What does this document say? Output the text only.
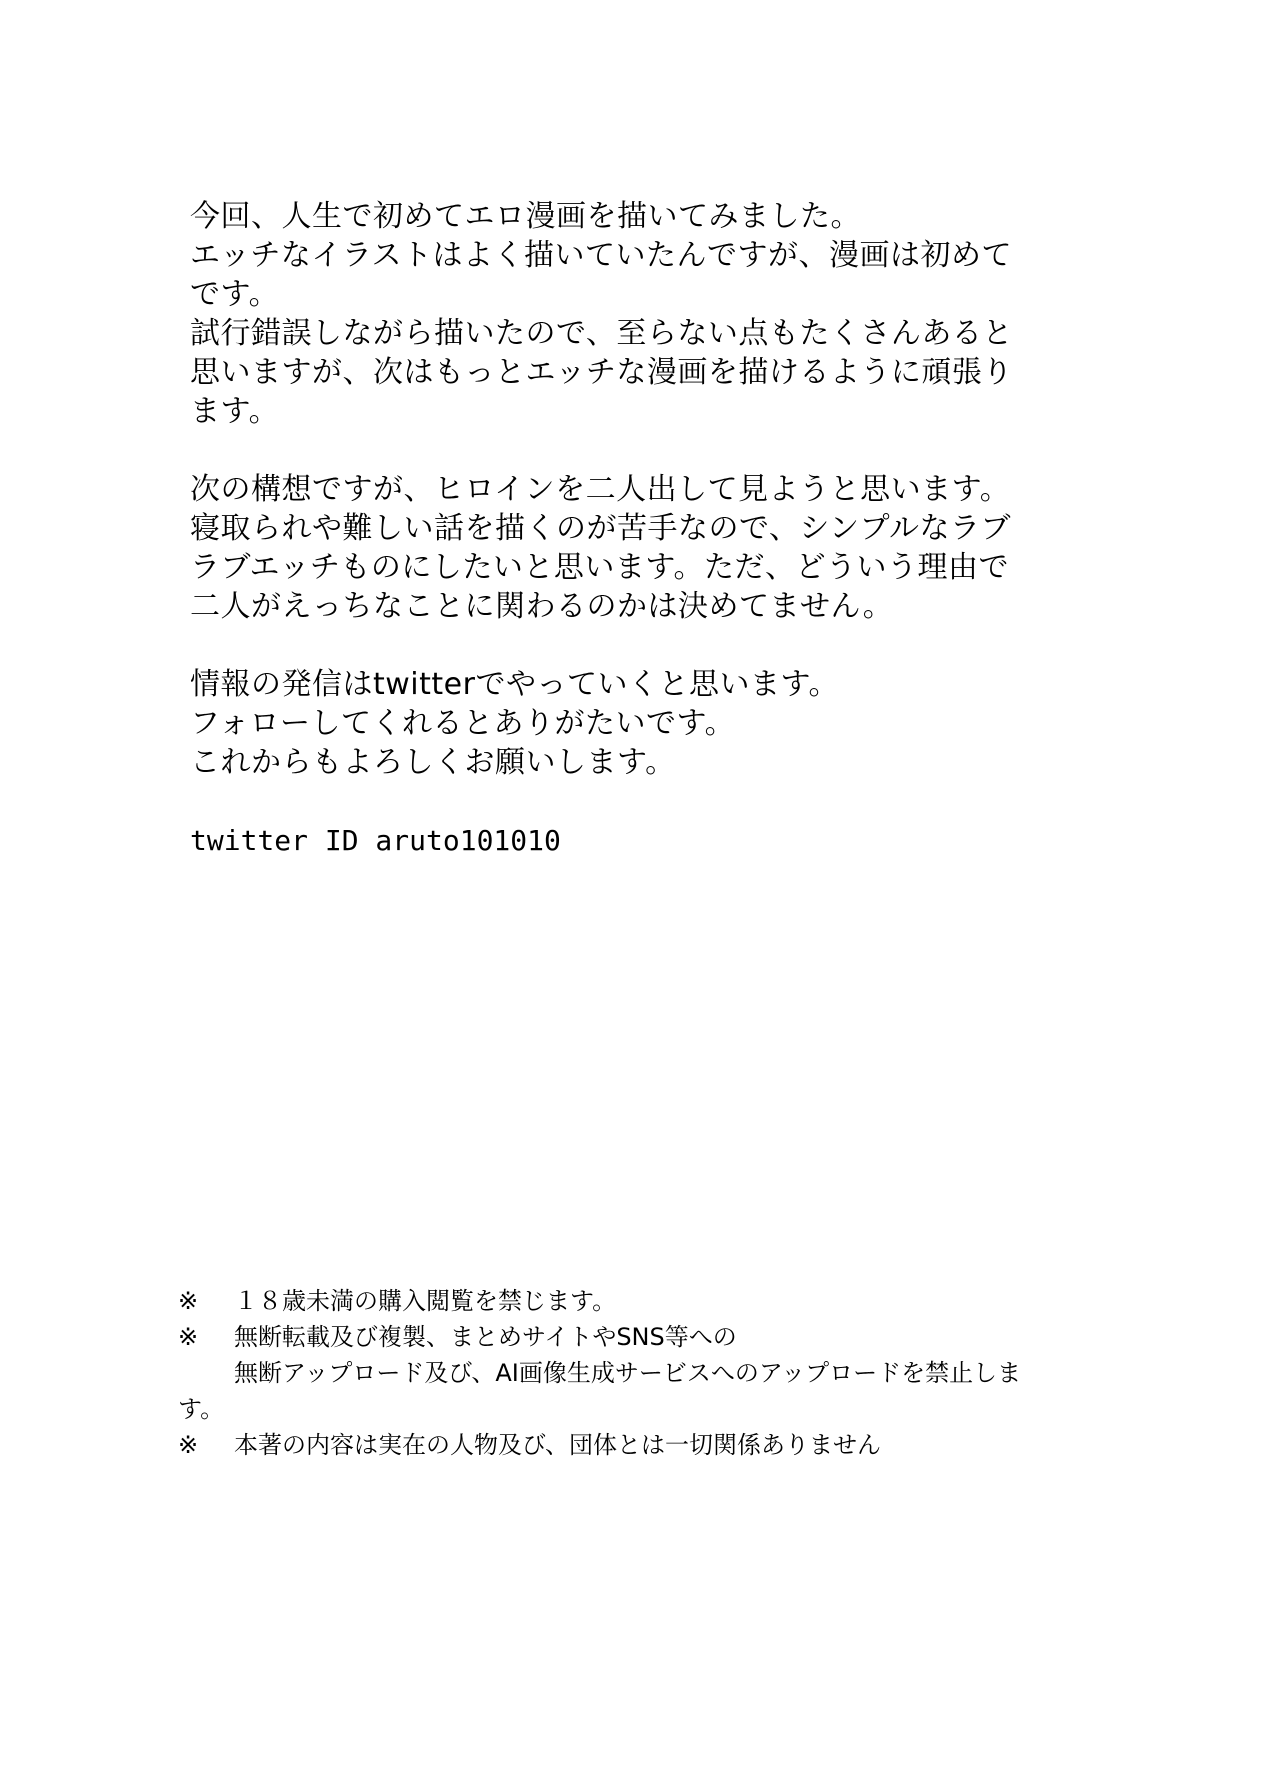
今回、人生で初めてエロ漫画を描いてみました。
エッチなイラストはよく描いていたんですが、漫画は初めて
です。
試行錯誤しながら描いたので、至らない点もたくさんあると
思いますが、次はもっとエッチな漫画を描けるように頑張り
ます。
次の構想ですが、ヒロインを二人出して見ようと思います。
寝取られや難しい話を描くのが苦手なので、シンプルなラブ
ラブエッチものにしたいと思います。ただ、どういう理由で
二人がえっちなことに関わるのかは決めてません。
情報の発信はtwitterでやっていくと思います。
フォローしてくれるとありがたいです。
これからもよろしくお願いします。
twitter ID aruto101010
※ １８歳未満の購入閲覧を禁じます。
※ 無断転載及び複製、まとめサイトやSNS等への
無断アップロード及び、AI画像生成サービスへのアップロードを禁止しま
す。
※ 本著の内容は実在の人物及び、団体とは一切関係ありません
